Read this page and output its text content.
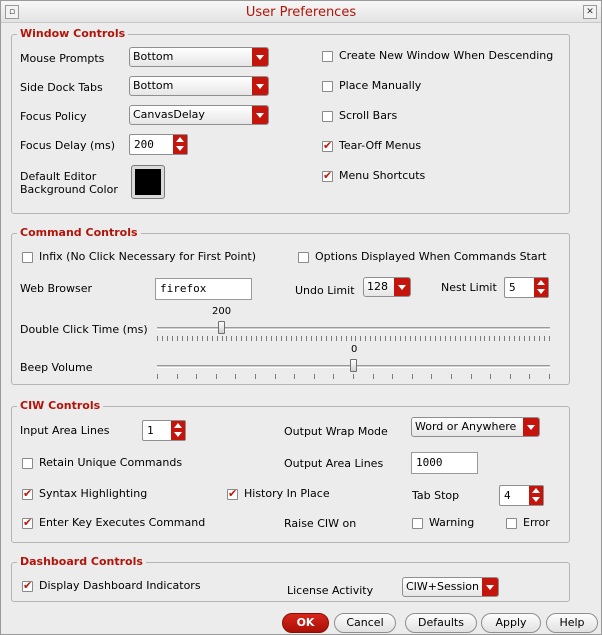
▫	User Preferences	✕
Window Controls
Mouse Prompts	Bottom
Side Dock Tabs	Bottom
Focus Policy	CanvasDelay
Focus Delay (ms)	200
Default Editor
Background Color
Create New Window When Descending
Place Manually
Scroll Bars
✔
Tear-Off Menus
✔
Menu Shortcuts
Command Controls
Infix (No Click Necessary for First Point)	Options Displayed When Commands Start
Web Browser	firefox	Undo Limit	128	Nest Limit	5
Double Click Time (ms)
200
Beep Volume
0
CIW Controls
Input Area Lines	1	Output Wrap Mode	Word or Anywhere
Retain Unique Commands	Output Area Lines	1000
✔
Syntax Highlighting
✔	History In Place	Tab Stop	4
✔
Enter Key Executes Command	Raise CIW on	Warning	Error
Dashboard Controls
✔
Display Dashboard Indicators	License Activity	CIW+Session
OK	Cancel	Defaults	Apply	Help
